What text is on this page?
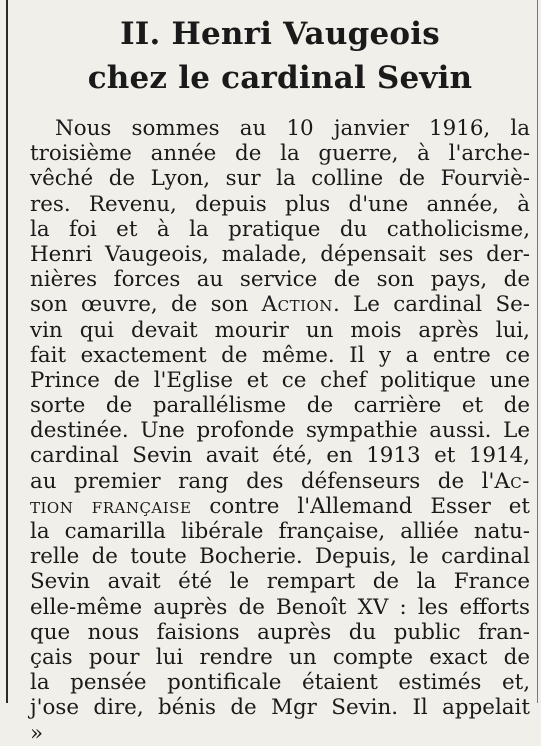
II. Henri Vaugeois
chez le cardinal Sevin
Nous sommes au 10 janvier 1916, la
troisième année de la guerre, à l'arche-
vêché de Lyon, sur la colline de Fourviè-
res. Revenu, depuis plus d'une année, à
la foi et à la pratique du catholicisme,
Henri Vaugeois, malade, dépensait ses der-
nières forces au service de son pays, de
son œuvre, de son Action. Le cardinal Se-
vin qui devait mourir un mois après lui,
fait exactement de même. Il y a entre ce
Prince de l'Eglise et ce chef politique une
sorte de parallélisme de carrière et de
destinée. Une profonde sympathie aussi. Le
cardinal Sevin avait été, en 1913 et 1914,
au premier rang des défenseurs de l'Ac-
tion française contre l'Allemand Esser et
la camarilla libérale française, alliée natu-
relle de toute Bocherie. Depuis, le cardinal
Sevin avait été le rempart de la France
elle-même auprès de Benoît XV : les efforts
que nous faisions auprès du public fran-
çais pour lui rendre un compte exact de
la pensée pontificale étaient estimés et,
j'ose dire, bénis de Mgr Sevin. Il appelait
»
